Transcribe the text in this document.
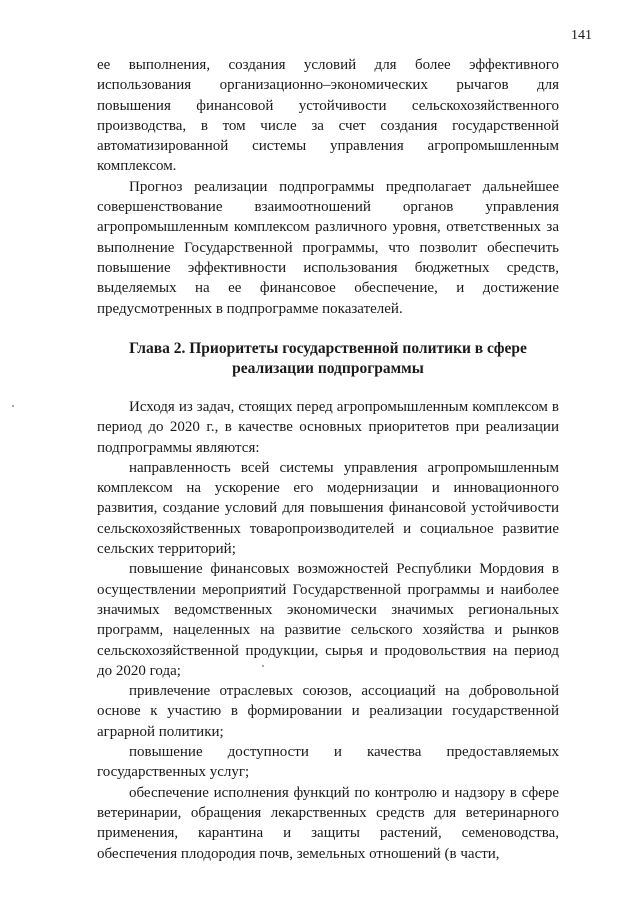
141

ее выполнения, создания условий для более эффективного использования организационно–экономических рычагов для повышения финансовой устойчивости сельскохозяйственного производства, в том числе за счет создания государственной автоматизированной системы управления агропромышленным комплексом.

Прогноз реализации подпрограммы предполагает дальнейшее совершенствование взаимоотношений органов управления агропромышленным комплексом различного уровня, ответственных за выполнение Государственной программы, что позволит обеспечить повышение эффективности использования бюджетных средств, выделяемых на ее финансовое обеспечение, и достижение предусмотренных в подпрограмме показателей.

Глава 2. Приоритеты государственной политики в сфере
реализации подпрограммы

Исходя из задач, стоящих перед агропромышленным комплексом в период до 2020 г., в качестве основных приоритетов при реализации подпрограммы являются:

направленность всей системы управления агропромышленным комплексом на ускорение его модернизации и инновационного развития, создание условий для повышения финансовой устойчивости сельскохозяйственных товаропроизводителей и социальное развитие сельских территорий;

повышение финансовых возможностей Республики Мордовия в осуществлении мероприятий Государственной программы и наиболее значимых ведомственных экономически значимых региональных программ, нацеленных на развитие сельского хозяйства и рынков сельскохозяйственной продукции, сырья и продовольствия на период до 2020 года;

привлечение отраслевых союзов, ассоциаций на добровольной основе к участию в формировании и реализации государственной аграрной политики;

повышение доступности и качества предоставляемых государственных услуг;

обеспечение исполнения функций по контролю и надзору в сфере ветеринарии, обращения лекарственных средств для ветеринарного применения, карантина и защиты растений, семеноводства, обеспечения плодородия почв, земельных отношений (в части,
